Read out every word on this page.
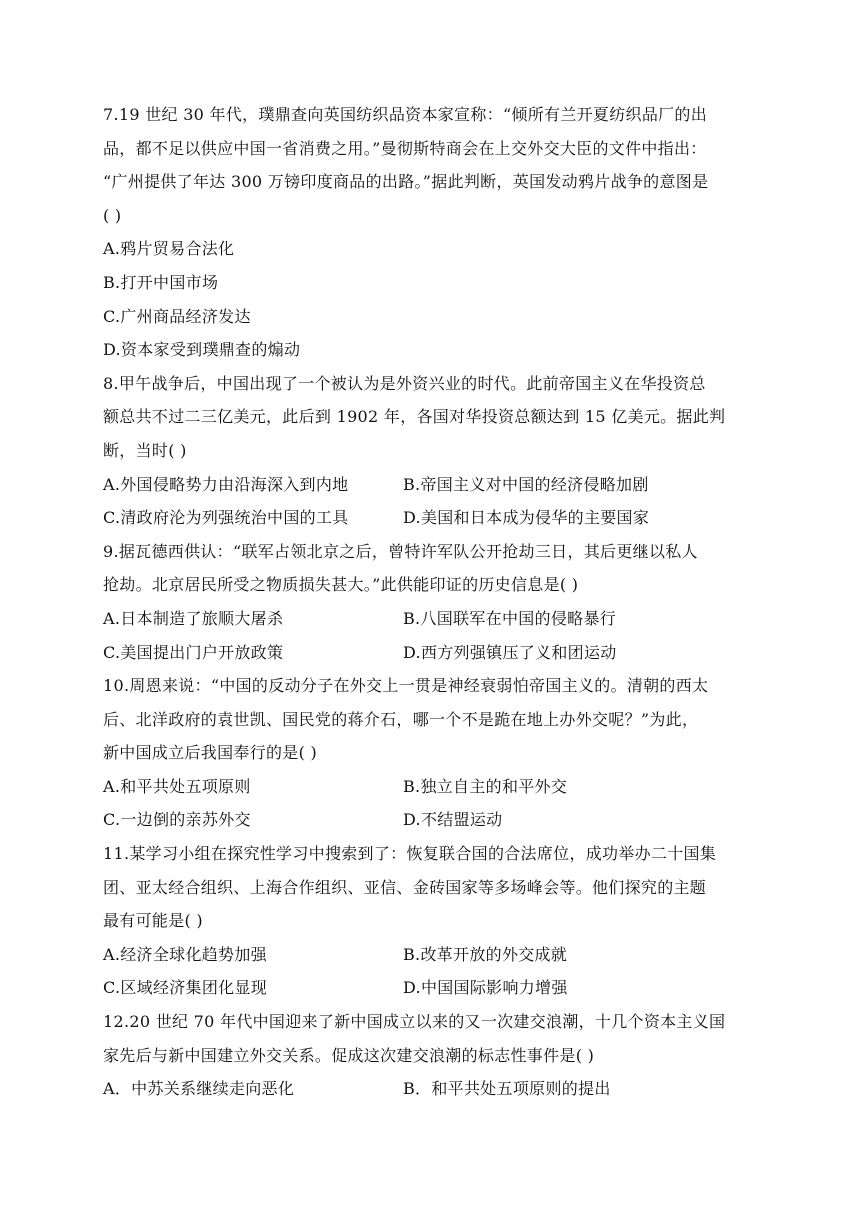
7.19 世纪 30 年代，璞鼎查向英国纺织品资本家宣称：“倾所有兰开夏纺织品厂的出
品，都不足以供应中国一省消费之用。”曼彻斯特商会在上交外交大臣的文件中指出：
“广州提供了年达 300 万镑印度商品的出路。”据此判断，英国发动鸦片战争的意图是
( )
A.鸦片贸易合法化
B.打开中国市场
C.广州商品经济发达
D.资本家受到璞鼎查的煽动
8.甲午战争后，中国出现了一个被认为是外资兴业的时代。此前帝国主义在华投资总
额总共不过二三亿美元，此后到 1902 年，各国对华投资总额达到 15 亿美元。据此判
断，当时( )
A.外国侵略势力由沿海深入到内地	B.帝国主义对中国的经济侵略加剧
C.清政府沦为列强统治中国的工具	D.美国和日本成为侵华的主要国家
9.据瓦德西供认：“联军占领北京之后，曾特许军队公开抢劫三日，其后更继以私人
抢劫。北京居民所受之物质损失甚大。”此供能印证的历史信息是( )
A.日本制造了旅顺大屠杀	B.八国联军在中国的侵略暴行
C.美国提出门户开放政策	D.西方列强镇压了义和团运动
10.周恩来说：“中国的反动分子在外交上一贯是神经衰弱怕帝国主义的。清朝的西太
后、北洋政府的袁世凯、国民党的蒋介石，哪一个不是跪在地上办外交呢？”为此，
新中国成立后我国奉行的是( )
A.和平共处五项原则	B.独立自主的和平外交
C.一边倒的亲苏外交	D.不结盟运动
11.某学习小组在探究性学习中搜索到了：恢复联合国的合法席位，成功举办二十国集
团、亚太经合组织、上海合作组织、亚信、金砖国家等多场峰会等。他们探究的主题
最有可能是( )
A.经济全球化趋势加强	B.改革开放的外交成就
C.区域经济集团化显现	D.中国国际影响力增强
12.20 世纪 70 年代中国迎来了新中国成立以来的又一次建交浪潮，十几个资本主义国
家先后与新中国建立外交关系。促成这次建交浪潮的标志性事件是( )
A．中苏关系继续走向恶化	B．和平共处五项原则的提出
